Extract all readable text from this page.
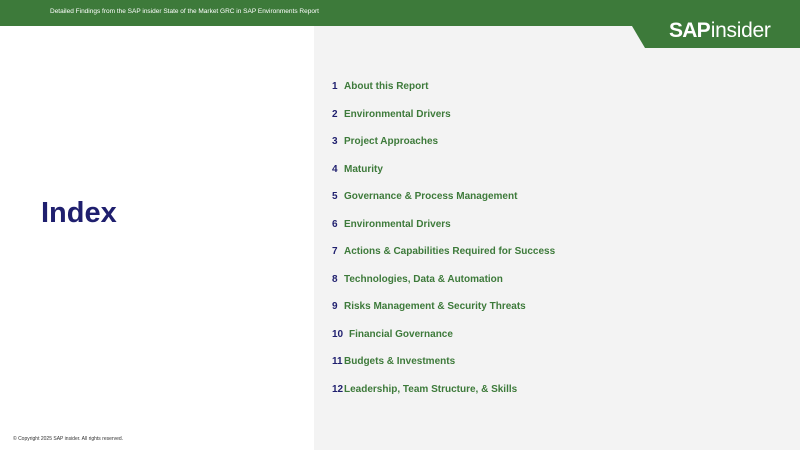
Detailed Findings from the SAP insider State of the Market GRC in SAP Environments Report
SAPinsider
Index
1 About this Report
2 Environmental Drivers
3 Project Approaches
4 Maturity
5 Governance & Process Management
6 Environmental Drivers
7 Actions & Capabilities Required for Success
8 Technologies, Data & Automation
9 Risks Management & Security Threats
10 Financial Governance
11 Budgets & Investments
12 Leadership, Team Structure, & Skills
© Copyright 2025 SAP insider. All rights reserved.
